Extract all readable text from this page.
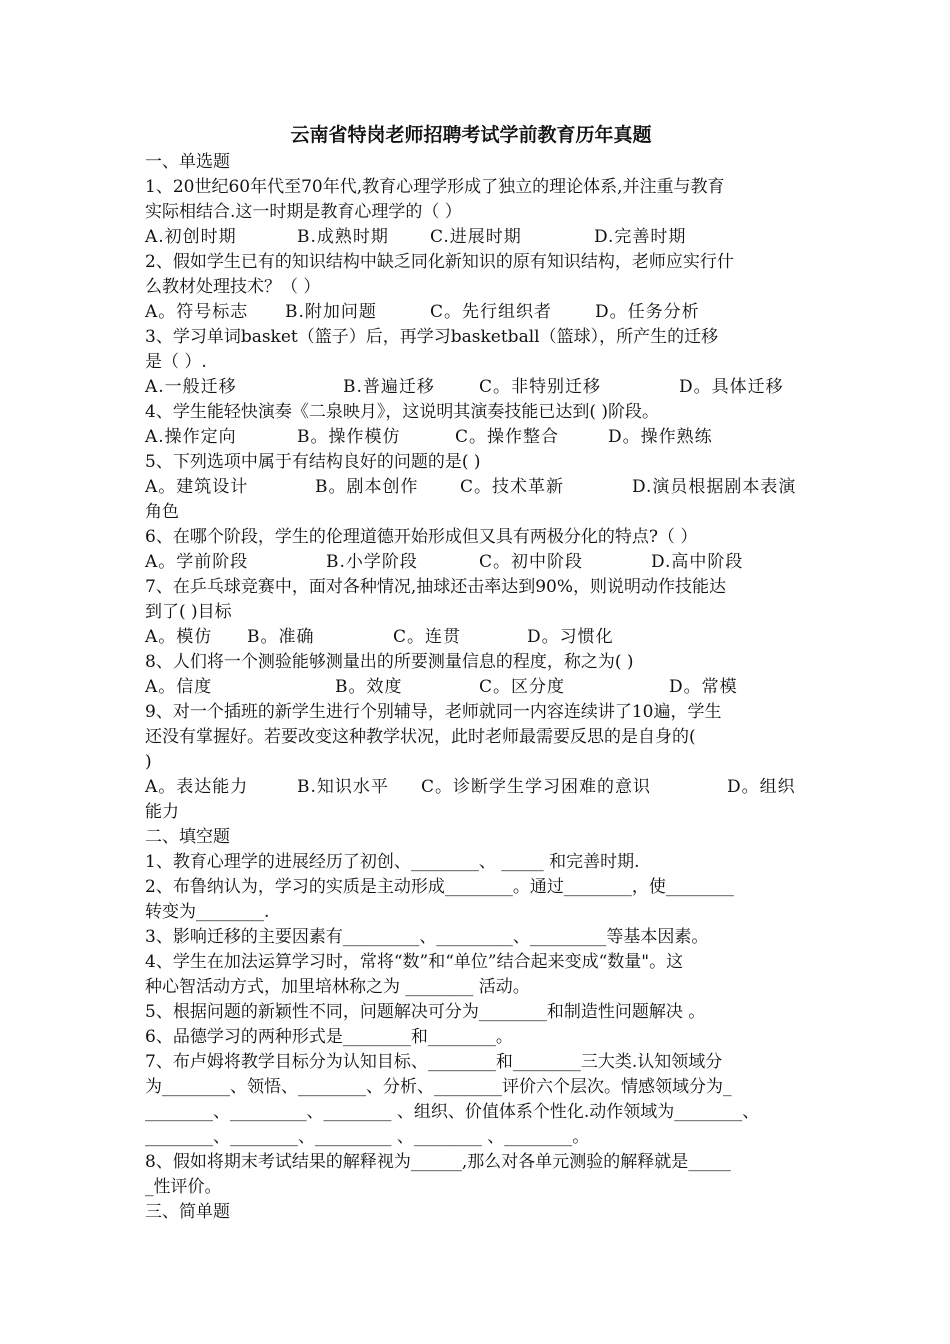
云南省特岗老师招聘考试学前教育历年真题
一、单选题
1、20世纪60年代至70年代,教育心理学形成了独立的理论体系,并注重与教育
实际相结合.这一时期是教育心理学的（ ）
A.初创时期	B.成熟时期	C.进展时期	D.完善时期
2、假如学生已有的知识结构中缺乏同化新知识的原有知识结构，老师应实行什
么教材处理技术？（ ）
A。符号标志	B.附加问题	C。先行组织者	D。任务分析
3、学习单词basket（篮子）后，再学习basketball（篮球），所产生的迁移
是（ ）.
A.一般迁移	B.普遍迁移	C。非特别迁移	D。具体迁移
4、学生能轻快演奏《二泉映月》，这说明其演奏技能已达到( )阶段。
A.操作定向	B。操作模仿	C。操作整合	D。操作熟练
5、下列选项中属于有结构良好的问题的是( )
A。建筑设计	B。剧本创作	C。技术革新	D.演员根据剧本表演
角色
6、在哪个阶段，学生的伦理道德开始形成但又具有两极分化的特点?（ ）
A。学前阶段	B.小学阶段	C。初中阶段	D.高中阶段
7、在乒乓球竞赛中，面对各种情况,抽球还击率达到90%，则说明动作技能达
到了( )目标
A。模仿	B。准确	C。连贯	D。习惯化
8、人们将一个测验能够测量出的所要测量信息的程度，称之为( )
A。信度	B。效度	C。区分度	D。常模
9、对一个插班的新学生进行个别辅导，老师就同一内容连续讲了10遍，学生
还没有掌握好。若要改变这种教学状况，此时老师最需要反思的是自身的(
)
A。表达能力	B.知识水平	C。诊断学生学习困难的意识	D。组织
能力
二、填空题
1、教育心理学的进展经历了初创、________、 _____ 和完善时期.
2、布鲁纳认为，学习的实质是主动形成________。通过________，使________
转变为________.
3、影响迁移的主要因素有_________、_________、_________等基本因素。
4、学生在加法运算学习时，常将“数”和“单位”结合起来变成“数量"。这
种心智活动方式，加里培林称之为 ________ 活动。
5、根据问题的新颖性不同，问题解决可分为________和制造性问题解决 。
6、品德学习的两种形式是________和________。
7、布卢姆将教学目标分为认知目标、________和________三大类.认知领域分
为________、领悟、________、分析、________评价六个层次。情感领域分为_
________、_________、________ 、组织、价值体系个性化.动作领域为________、
________、________、_________ 、________ 、________。
8、假如将期末考试结果的解释视为______,那么对各单元测验的解释就是_____
_性评价。
三、简单题
